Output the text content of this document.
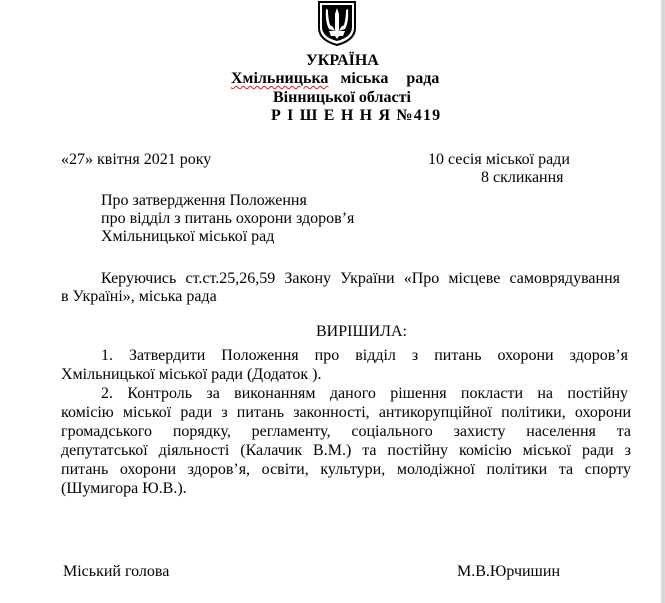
УКРАЇНА
Хмільницька міська рада
Вінницької області
Р І Ш Е Н Н Я №419
«27» квітня 2021 року	10 сесія міської ради
8 скликання
Про затвердження Положення
про відділ з питань охорони здоров’я
Хмільницької міської рад
Керуючись ст.ст.25,26,59 Закону України «Про місцеве самоврядування
в Україні», міська рада
ВИРІШИЛА:
1. Затвердити Положення про відділ з питань охорони здоров’я
Хмільницької міської ради (Додаток ).
2. Контроль за виконанням даного рішення покласти на постійну
комісію міської ради з питань законності, антикорупційної політики, охорони
громадського порядку, регламенту, соціального захисту населення та
депутатської діяльності (Калачик В.М.) та постійну комісію міської ради з
питань охорони здоров’я, освіти, культури, молодіжної політики та спорту
(Шумигора Ю.В.).
Міський голова	М.В.Юрчишин
